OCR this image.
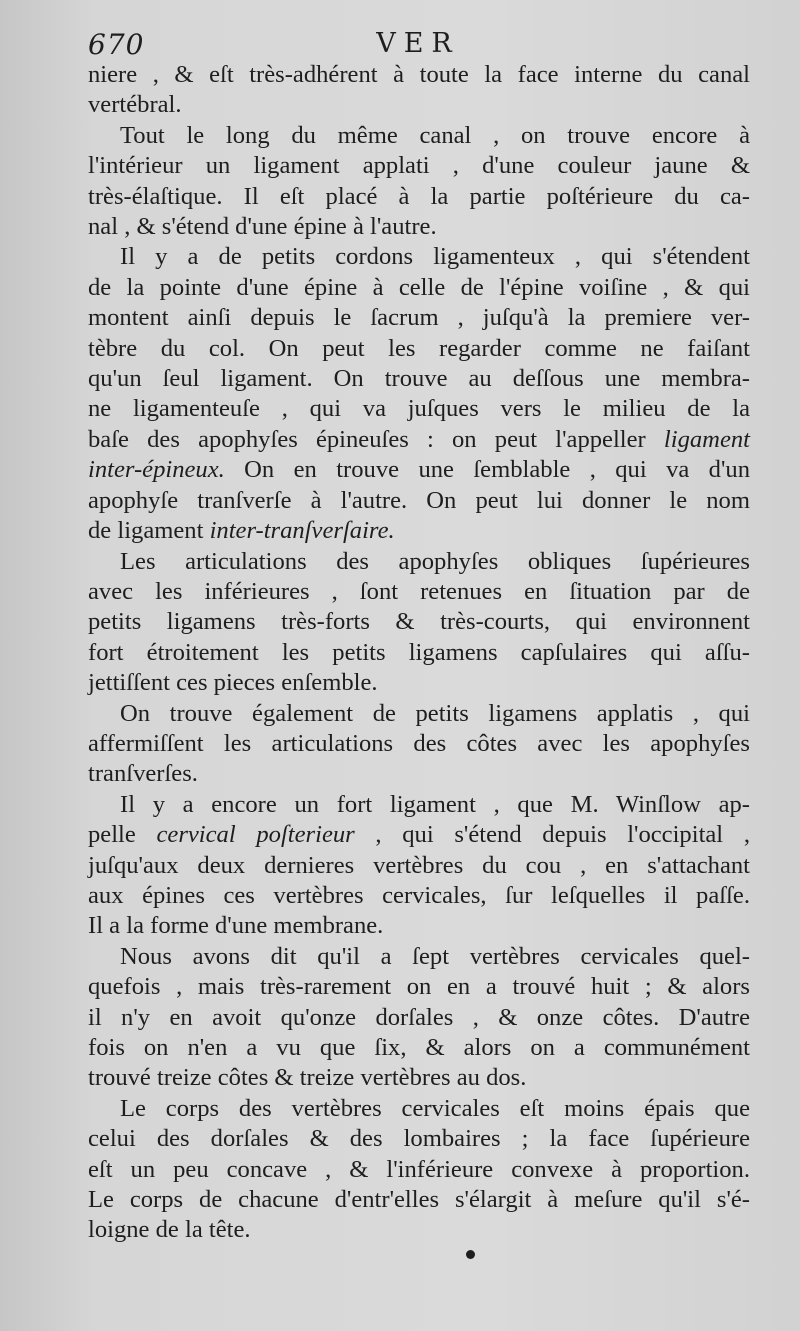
670	VER
niere , & eſt très-adhérent à toute la face interne du canal
vertébral.
Tout le long du même canal , on trouve encore à
l'intérieur un ligament applati , d'une couleur jaune &
très-élaſtique. Il eſt placé à la partie poſtérieure du ca-
nal , & s'étend d'une épine à l'autre.
Il y a de petits cordons ligamenteux , qui s'étendent
de la pointe d'une épine à celle de l'épine voiſine , & qui
montent ainſi depuis le ſacrum , juſqu'à la premiere ver-
tèbre du col. On peut les regarder comme ne faiſant
qu'un ſeul ligament. On trouve au deſſous une membra-
ne ligamenteuſe , qui va juſques vers le milieu de la
baſe des apophyſes épineuſes : on peut l'appeller ligament
inter-épineux. On en trouve une ſemblable , qui va d'un
apophyſe tranſverſe à l'autre. On peut lui donner le nom
de ligament inter-tranſverſaire.
Les articulations des apophyſes obliques ſupérieures
avec les inférieures , ſont retenues en ſituation par de
petits ligamens très-forts & très-courts, qui environnent
fort étroitement les petits ligamens capſulaires qui aſſu-
jettiſſent ces pieces enſemble.
On trouve également de petits ligamens applatis , qui
affermiſſent les articulations des côtes avec les apophyſes
tranſverſes.
Il y a encore un fort ligament , que M. Winſlow ap-
pelle cervical poſterieur , qui s'étend depuis l'occipital ,
juſqu'aux deux dernieres vertèbres du cou , en s'attachant
aux épines ces vertèbres cervicales, ſur leſquelles il paſſe.
Il a la forme d'une membrane.
Nous avons dit qu'il a ſept vertèbres cervicales quel-
quefois , mais très-rarement on en a trouvé huit ; & alors
il n'y en avoit qu'onze dorſales , & onze côtes. D'autre
fois on n'en a vu que ſix, & alors on a communément
trouvé treize côtes & treize vertèbres au dos.
Le corps des vertèbres cervicales eſt moins épais que
celui des dorſales & des lombaires ; la face ſupérieure
eſt un peu concave , & l'inférieure convexe à proportion.
Le corps de chacune d'entr'elles s'élargit à meſure qu'il s'é-
loigne de la tête.
